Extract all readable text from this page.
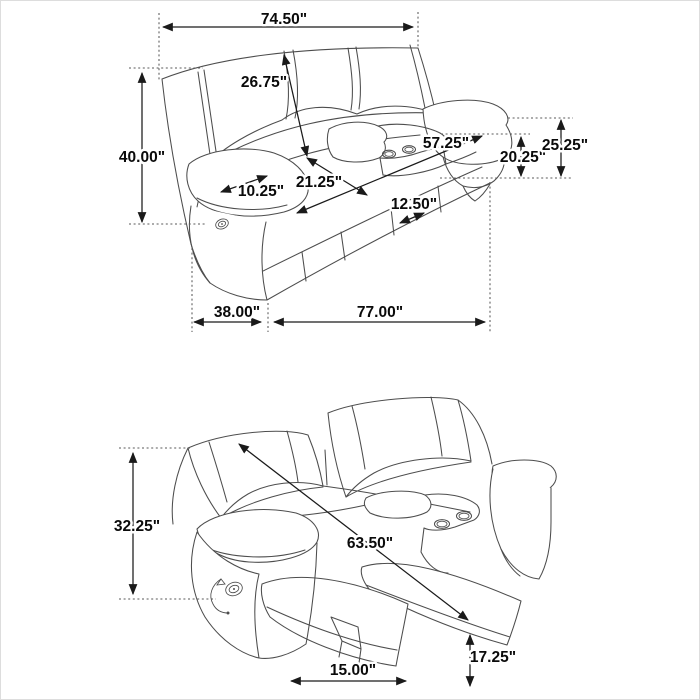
74.50"
26.75"
40.00"
57.25"
10.25"
21.25"
12.50"
20.25"
25.25"
38.00"	77.00"
32.25"
63.50"
15.00"
17.25"
